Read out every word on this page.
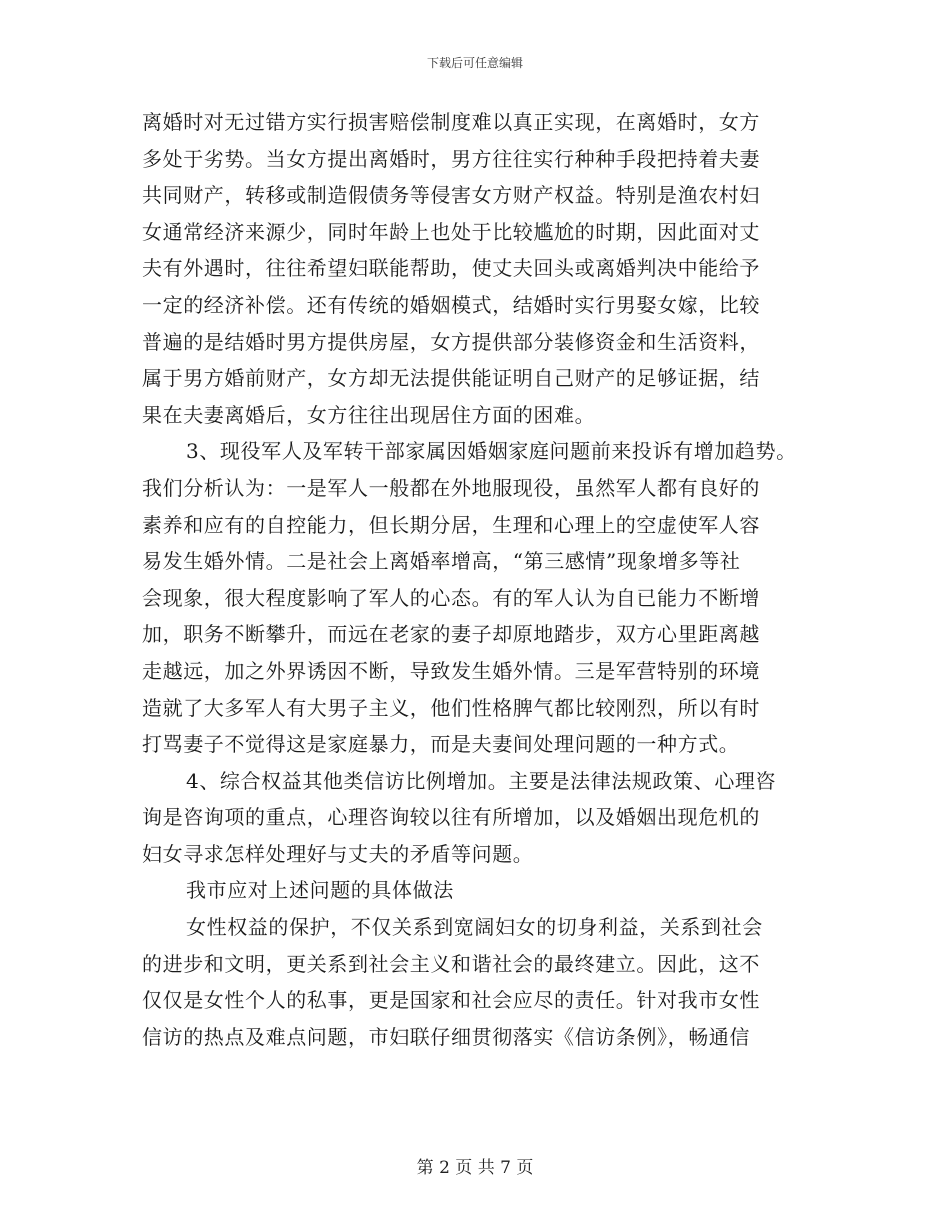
下载后可任意编辑
离婚时对无过错方实行损害赔偿制度难以真正实现，在离婚时，女方
多处于劣势。当女方提出离婚时，男方往往实行种种手段把持着夫妻
共同财产，转移或制造假债务等侵害女方财产权益。特别是渔农村妇
女通常经济来源少，同时年龄上也处于比较尴尬的时期，因此面对丈
夫有外遇时，往往希望妇联能帮助，使丈夫回头或离婚判决中能给予
一定的经济补偿。还有传统的婚姻模式，结婚时实行男娶女嫁，比较
普遍的是结婚时男方提供房屋，女方提供部分装修资金和生活资料，
属于男方婚前财产，女方却无法提供能证明自己财产的足够证据，结
果在夫妻离婚后，女方往往出现居住方面的困难。
3、现役军人及军转干部家属因婚姻家庭问题前来投诉有增加趋势。
我们分析认为：一是军人一般都在外地服现役，虽然军人都有良好的
素养和应有的自控能力，但长期分居，生理和心理上的空虚使军人容
易发生婚外情。二是社会上离婚率增高，“第三感情”现象增多等社
会现象，很大程度影响了军人的心态。有的军人认为自已能力不断增
加，职务不断攀升，而远在老家的妻子却原地踏步，双方心里距离越
走越远，加之外界诱因不断，导致发生婚外情。三是军营特别的环境
造就了大多军人有大男子主义，他们性格脾气都比较刚烈，所以有时
打骂妻子不觉得这是家庭暴力，而是夫妻间处理问题的一种方式。
4、综合权益其他类信访比例增加。主要是法律法规政策、心理咨
询是咨询项的重点，心理咨询较以往有所增加，以及婚姻出现危机的
妇女寻求怎样处理好与丈夫的矛盾等问题。
我市应对上述问题的具体做法
女性权益的保护，不仅关系到宽阔妇女的切身利益，关系到社会
的进步和文明，更关系到社会主义和谐社会的最终建立。因此，这不
仅仅是女性个人的私事，更是国家和社会应尽的责任。针对我市女性
信访的热点及难点问题，市妇联仔细贯彻落实《信访条例》，畅通信
第 2 页 共 7 页
